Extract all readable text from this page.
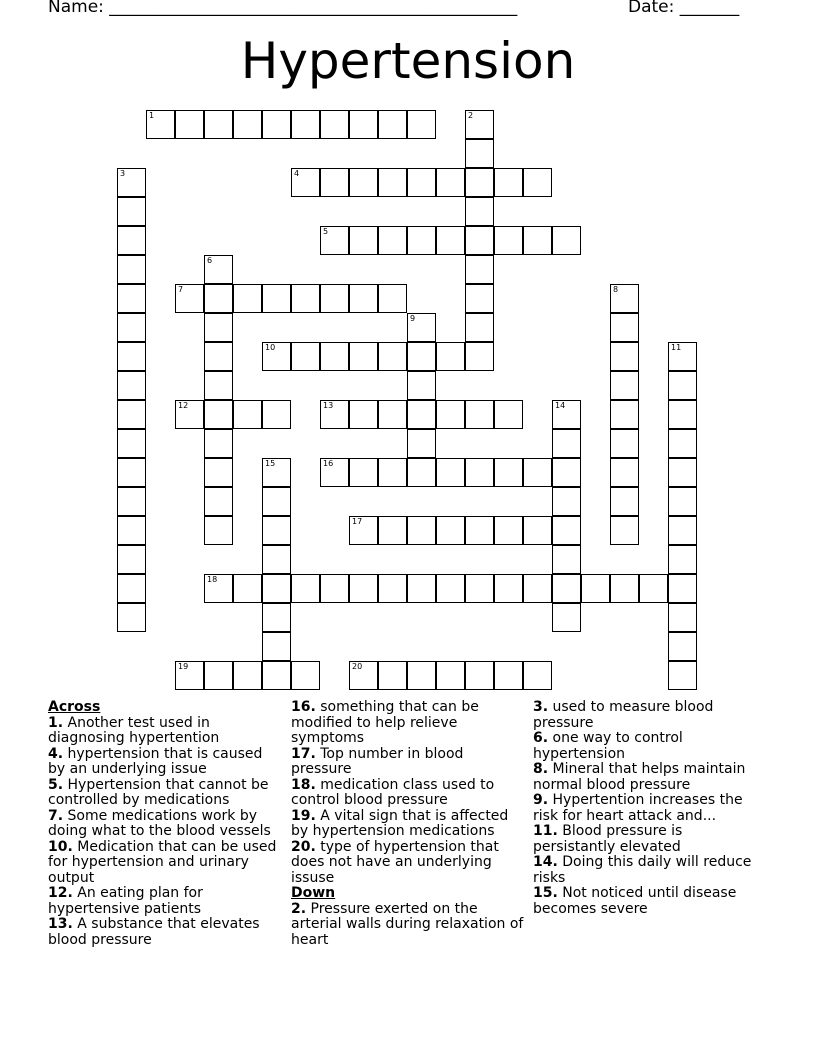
Name: ________________________________________________	Date: _______
Hypertension
1	2
3	4
5
6
7	8
9
10	11
12	13	14
15	16
17
18
19	20

Across

1. Another test used in diagnosing hypertention

4. hypertension that is caused by an underlying issue

5. Hypertension that cannot be controlled by medications

7. Some medications work by doing what to the blood vessels

10. Medication that can be used for hypertension and urinary output

12. An eating plan for hypertensive patients

13. A substance that elevates blood pressure

16. something that can be modified to help relieve symptoms

17. Top number in blood pressure

18. medication class used to control blood pressure

19. A vital sign that is affected by hypertension medications

20. type of hypertension that does not have an underlying issuse

Down

2. Pressure exerted on the arterial walls during relaxation of heart

3. used to measure blood pressure

6. one way to control hypertension

8. Mineral that helps maintain normal blood pressure

9. Hypertention increases the risk for heart attack and...

11. Blood pressure is persistantly elevated

14. Doing this daily will reduce risks

15. Not noticed until disease becomes severe
